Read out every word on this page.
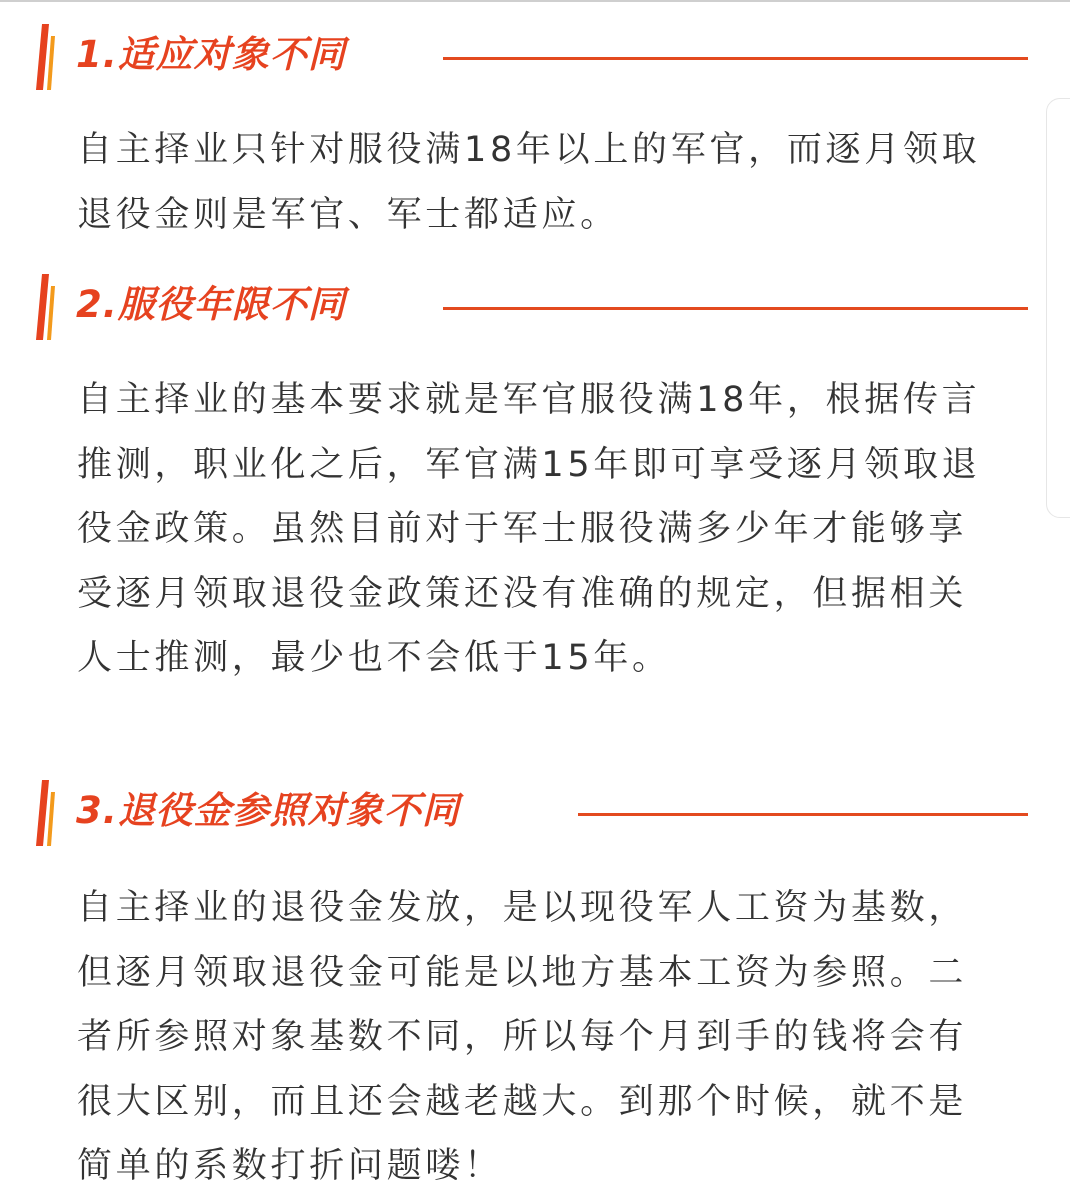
1.适应对象不同

自主择业只针对服役满18年以上的军官，而逐月领取退役金则是军官、军士都适应。

2.服役年限不同

自主择业的基本要求就是军官服役满18年，根据传言推测，职业化之后，军官满15年即可享受逐月领取退役金政策。虽然目前对于军士服役满多少年才能够享受逐月领取退役金政策还没有准确的规定，但据相关人士推测，最少也不会低于15年。

3.退役金参照对象不同

自主择业的退役金发放，是以现役军人工资为基数，但逐月领取退役金可能是以地方基本工资为参照。二者所参照对象基数不同，所以每个月到手的钱将会有很大区别，而且还会越老越大。到那个时候，就不是简单的系数打折问题喽！
